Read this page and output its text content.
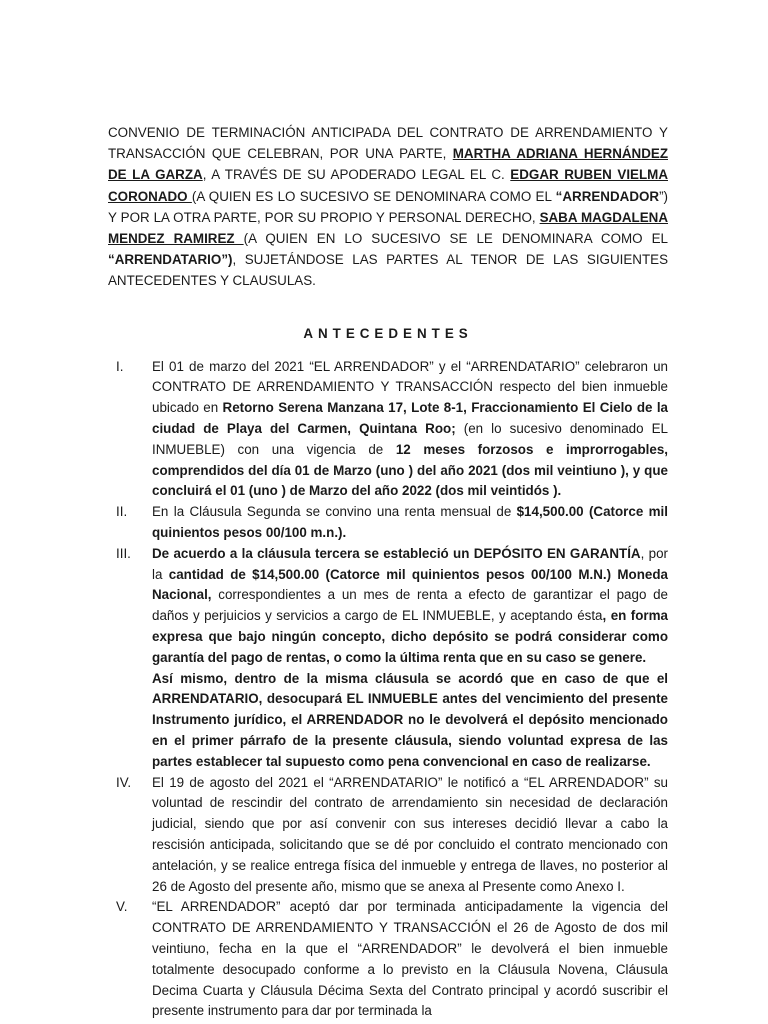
CONVENIO DE TERMINACIÓN ANTICIPADA DEL CONTRATO DE ARRENDAMIENTO Y TRANSACCIÓN QUE CELEBRAN, POR UNA PARTE, MARTHA ADRIANA HERNÁNDEZ DE LA GARZA, A TRAVÉS DE SU APODERADO LEGAL EL C. EDGAR RUBEN VIELMA CORONADO (A QUIEN ES LO SUCESIVO SE DENOMINARA COMO EL “ARRENDADOR”) Y POR LA OTRA PARTE, POR SU PROPIO Y PERSONAL DERECHO, SABA MAGDALENA MENDEZ RAMIREZ (A QUIEN EN LO SUCESIVO SE LE DENOMINARA COMO EL “ARRENDATARIO”), SUJETÁNDOSE LAS PARTES AL TENOR DE LAS SIGUIENTES ANTECEDENTES Y CLAUSULAS.

ANTECEDENTES
I.	El 01 de marzo del 2021 “EL ARRENDADOR” y el “ARRENDATARIO” celebraron un CONTRATO DE ARRENDAMIENTO Y TRANSACCIÓN respecto del bien inmueble ubicado en Retorno Serena Manzana 17, Lote 8-1, Fraccionamiento El Cielo de la ciudad de Playa del Carmen, Quintana Roo; (en lo sucesivo denominado EL INMUEBLE) con una vigencia de 12 meses forzosos e improrrogables, comprendidos del día 01 de Marzo (uno ) del año 2021 (dos mil veintiuno ), y que concluirá el 01 (uno ) de Marzo del año 2022 (dos mil veintidós ).
II.	En la Cláusula Segunda se convino una renta mensual de $14,500.00 (Catorce mil quinientos pesos 00/100 m.n.).
III.	De acuerdo a la cláusula tercera se estableció un DEPÓSITO EN GARANTÍA, por la cantidad de $14,500.00 (Catorce mil quinientos pesos 00/100 M.N.) Moneda Nacional, correspondientes a un mes de renta a efecto de garantizar el pago de daños y perjuicios y servicios a cargo de EL INMUEBLE, y aceptando ésta, en forma expresa que bajo ningún concepto, dicho depósito se podrá considerar como garantía del pago de rentas, o como la última renta que en su caso se genere.

Así mismo, dentro de la misma cláusula se acordó que en caso de que el ARRENDATARIO, desocupará EL INMUEBLE antes del vencimiento del presente Instrumento jurídico, el ARRENDADOR no le devolverá el depósito mencionado en el primer párrafo de la presente cláusula, siendo voluntad expresa de las partes establecer tal supuesto como pena convencional en caso de realizarse.

IV.	El 19 de agosto del 2021 el “ARRENDATARIO” le notificó a “EL ARRENDADOR” su voluntad de rescindir del contrato de arrendamiento sin necesidad de declaración judicial, siendo que por así convenir con sus intereses decidió llevar a cabo la rescisión anticipada, solicitando que se dé por concluido el contrato mencionado con antelación, y se realice entrega física del inmueble y entrega de llaves, no posterior al 26 de Agosto del presente año, mismo que se anexa al Presente como Anexo I.
V.	“EL ARRENDADOR” aceptó dar por terminada anticipadamente la vigencia del CONTRATO DE ARRENDAMIENTO Y TRANSACCIÓN el 26 de Agosto de dos mil veintiuno, fecha en la que el “ARRENDADOR” le devolverá el bien inmueble totalmente desocupado conforme a lo previsto en la Cláusula Novena, Cláusula Decima Cuarta y Cláusula Décima Sexta del Contrato principal y acordó suscribir el presente instrumento para dar por terminada la
